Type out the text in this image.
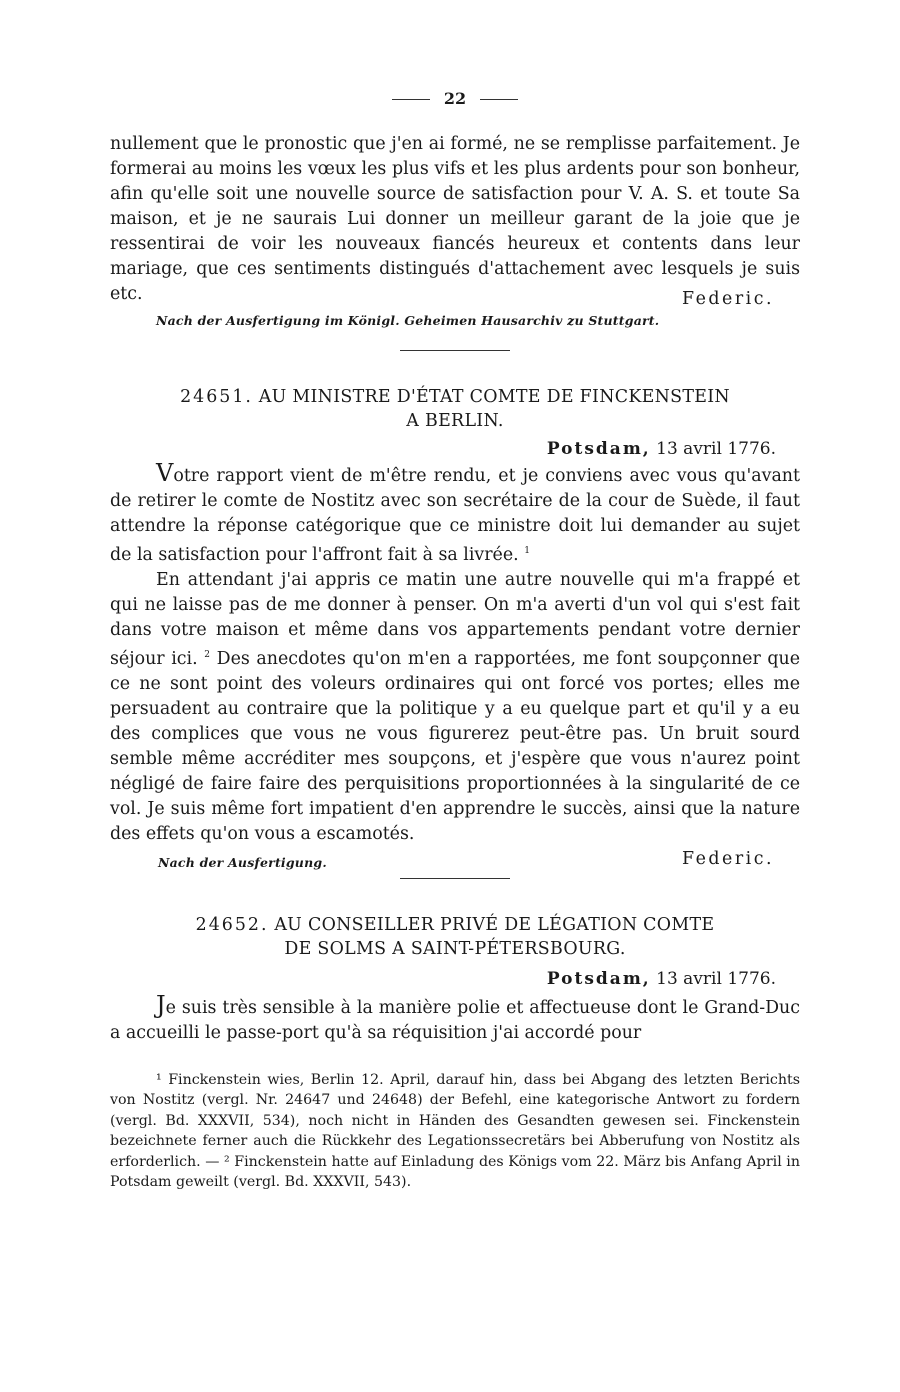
22

nullement que le pronostic que j'en ai formé, ne se remplisse parfaitement. Je formerai au moins les vœux les plus vifs et les plus ardents pour son bonheur, afin qu'elle soit une nouvelle source de satisfaction pour V. A. S. et toute Sa maison, et je ne saurais Lui donner un meilleur garant de la joie que je ressentirai de voir les nouveaux fiancés heureux et contents dans leur mariage, que ces sentiments distingués d'attachement avec lesquels je suis etc.

Nach der Ausfertigung im Königl. Geheimen Hausarchiv zu Stuttgart.
Federic.
24651. AU MINISTRE D'ÉTAT COMTE DE FINCKENSTEIN
A BERLIN.
Potsdam, 13 avril 1776.

Votre rapport vient de m'être rendu, et je conviens avec vous qu'avant de retirer le comte de Nostitz avec son secrétaire de la cour de Suède, il faut attendre la réponse catégorique que ce ministre doit lui demander au sujet de la satisfaction pour l'affront fait à sa livrée. $^1$

En attendant j'ai appris ce matin une autre nouvelle qui m'a frappé et qui ne laisse pas de me donner à penser. On m'a averti d'un vol qui s'est fait dans votre maison et même dans vos appartements pendant votre dernier séjour ici. $^2$ Des anecdotes qu'on m'en a rapportées, me font soupçonner que ce ne sont point des voleurs ordinaires qui ont forcé vos portes; elles me persuadent au contraire que la politique y a eu quelque part et qu'il y a eu des complices que vous ne vous figurerez peut-être pas. Un bruit sourd semble même accréditer mes soupçons, et j'espère que vous n'aurez point négligé de faire faire des perquisitions proportionnées à la singularité de ce vol. Je suis même fort impatient d'en apprendre le succès, ainsi que la nature des effets qu'on vous a escamotés.

Nach der Ausfertigung.	Federic.
24652. AU CONSEILLER PRIVÉ DE LÉGATION COMTE
DE SOLMS A SAINT-PÉTERSBOURG.
Potsdam, 13 avril 1776.

Je suis très sensible à la manière polie et affectueuse dont le Grand-Duc a accueilli le passe-port qu'à sa réquisition j'ai accordé pour

¹ Finckenstein wies, Berlin 12. April, darauf hin, dass bei Abgang des letzten Berichts von Nostitz (vergl. Nr. 24647 und 24648) der Befehl, eine kategorische Antwort zu fordern (vergl. Bd. XXXVII, 534), noch nicht in Händen des Gesandten gewesen sei. Finckenstein bezeichnete ferner auch die Rückkehr des Legationssecretärs bei Abberufung von Nostitz als erforderlich. — ² Finckenstein hatte auf Einladung des Königs vom 22. März bis Anfang April in Potsdam geweilt (vergl. Bd. XXXVII, 543).
